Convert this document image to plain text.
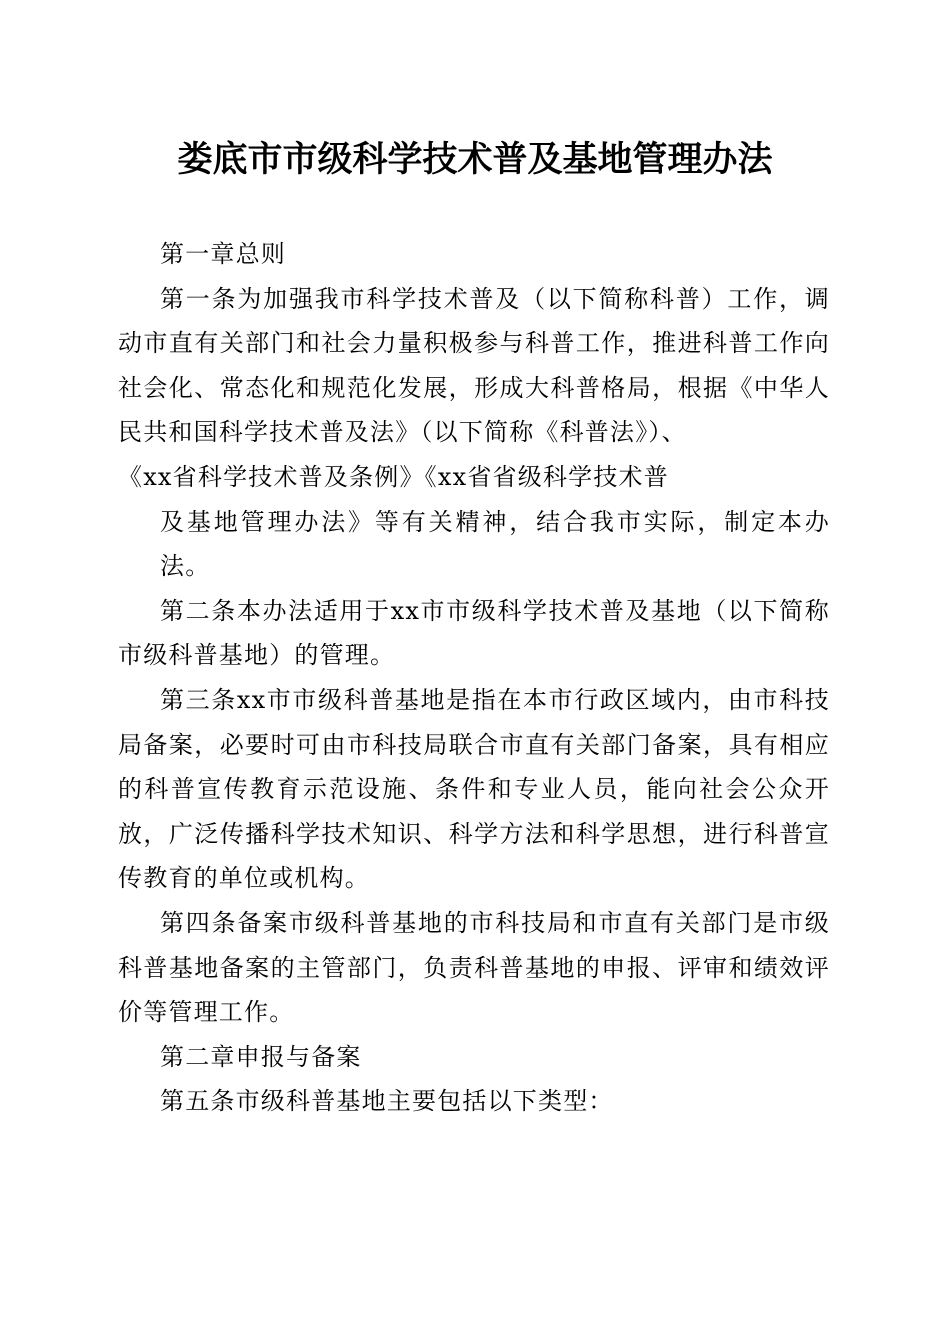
娄底市市级科学技术普及基地管理办法

第一章总则

第一条为加强我市科学技术普及（以下简称科普）工作，调动市直有关部门和社会力量积极参与科普工作，推进科普工作向社会化、常态化和规范化发展，形成大科普格局，根据《中华人民共和国科学技术普及法》（以下简称《科普法》）、

《xx省科学技术普及条例》《xx省省级科学技术普

及基地管理办法》等有关精神，结合我市实际，制定本办法。

第二条本办法适用于xx市市级科学技术普及基地（以下简称市级科普基地）的管理。

第三条xx市市级科普基地是指在本市行政区域内，由市科技局备案，必要时可由市科技局联合市直有关部门备案，具有相应的科普宣传教育示范设施、条件和专业人员，能向社会公众开放，广泛传播科学技术知识、科学方法和科学思想，进行科普宣传教育的单位或机构。

第四条备案市级科普基地的市科技局和市直有关部门是市级科普基地备案的主管部门，负责科普基地的申报、评审和绩效评价等管理工作。

第二章申报与备案

第五条市级科普基地主要包括以下类型：
